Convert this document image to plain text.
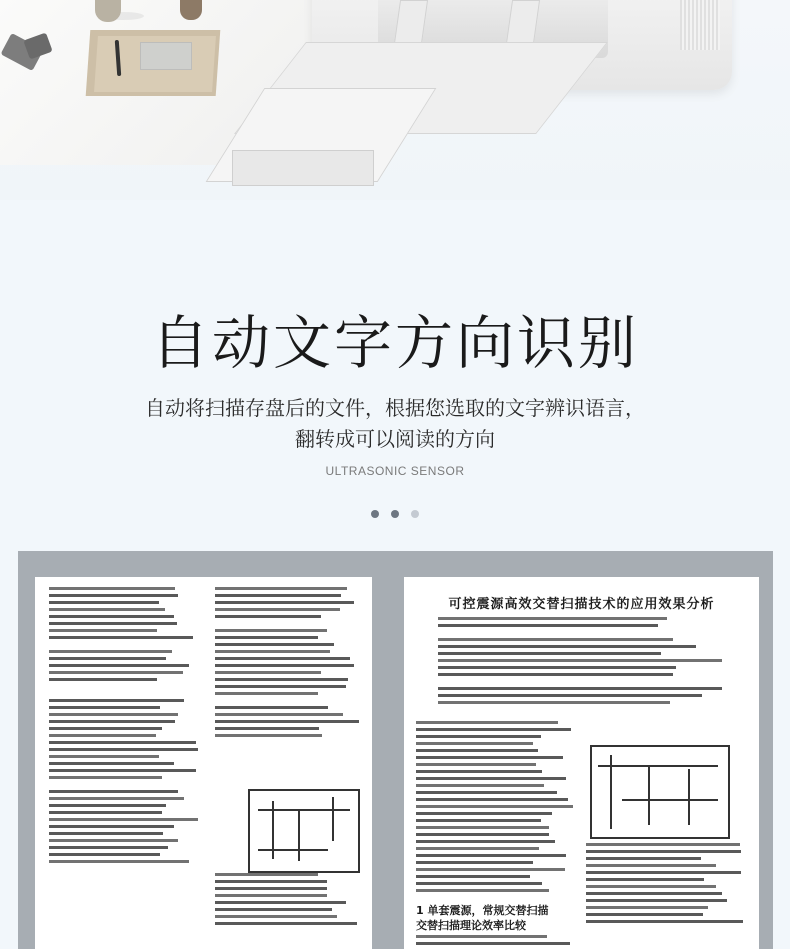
自动文字方向识别
自动将扫描存盘后的文件，根据您选取的文字辨识语言，
翻转成可以阅读的方向
ULTRASONIC SENSOR

可控震源高效交替扫描技术的应用效果分析
1 单套震源，常规交替扫描
交替扫描理论效率比较
